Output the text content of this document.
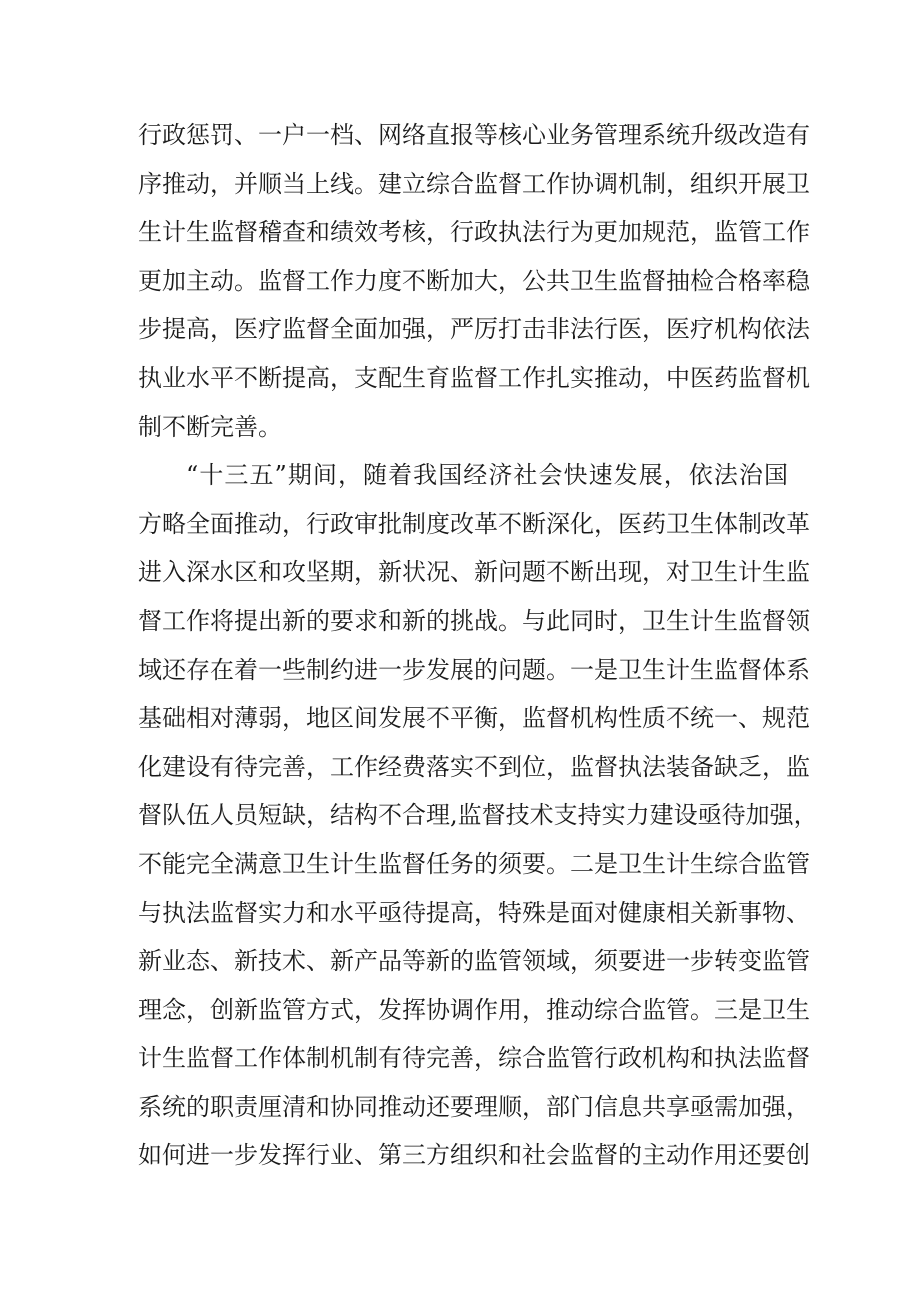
行政惩罚、一户一档、网络直报等核心业务管理系统升级改造有
序推动，并顺当上线。建立综合监督工作协调机制，组织开展卫
生计生监督稽查和绩效考核，行政执法行为更加规范，监管工作
更加主动。监督工作力度不断加大，公共卫生监督抽检合格率稳
步提高，医疗监督全面加强，严厉打击非法行医，医疗机构依法
执业水平不断提高，支配生育监督工作扎实推动，中医药监督机
制不断完善。
“十三五”期间，随着我国经济社会快速发展，依法治国
方略全面推动，行政审批制度改革不断深化，医药卫生体制改革
进入深水区和攻坚期，新状况、新问题不断出现，对卫生计生监
督工作将提出新的要求和新的挑战。与此同时，卫生计生监督领
域还存在着一些制约进一步发展的问题。一是卫生计生监督体系
基础相对薄弱，地区间发展不平衡，监督机构性质不统一、规范
化建设有待完善，工作经费落实不到位，监督执法装备缺乏，监
督队伍人员短缺，结构不合理,监督技术支持实力建设亟待加强，
不能完全满意卫生计生监督任务的须要。二是卫生计生综合监管
与执法监督实力和水平亟待提高，特殊是面对健康相关新事物、
新业态、新技术、新产品等新的监管领域，须要进一步转变监管
理念，创新监管方式，发挥协调作用，推动综合监管。三是卫生
计生监督工作体制机制有待完善，综合监管行政机构和执法监督
系统的职责厘清和协同推动还要理顺，部门信息共享亟需加强，
如何进一步发挥行业、第三方组织和社会监督的主动作用还要创
